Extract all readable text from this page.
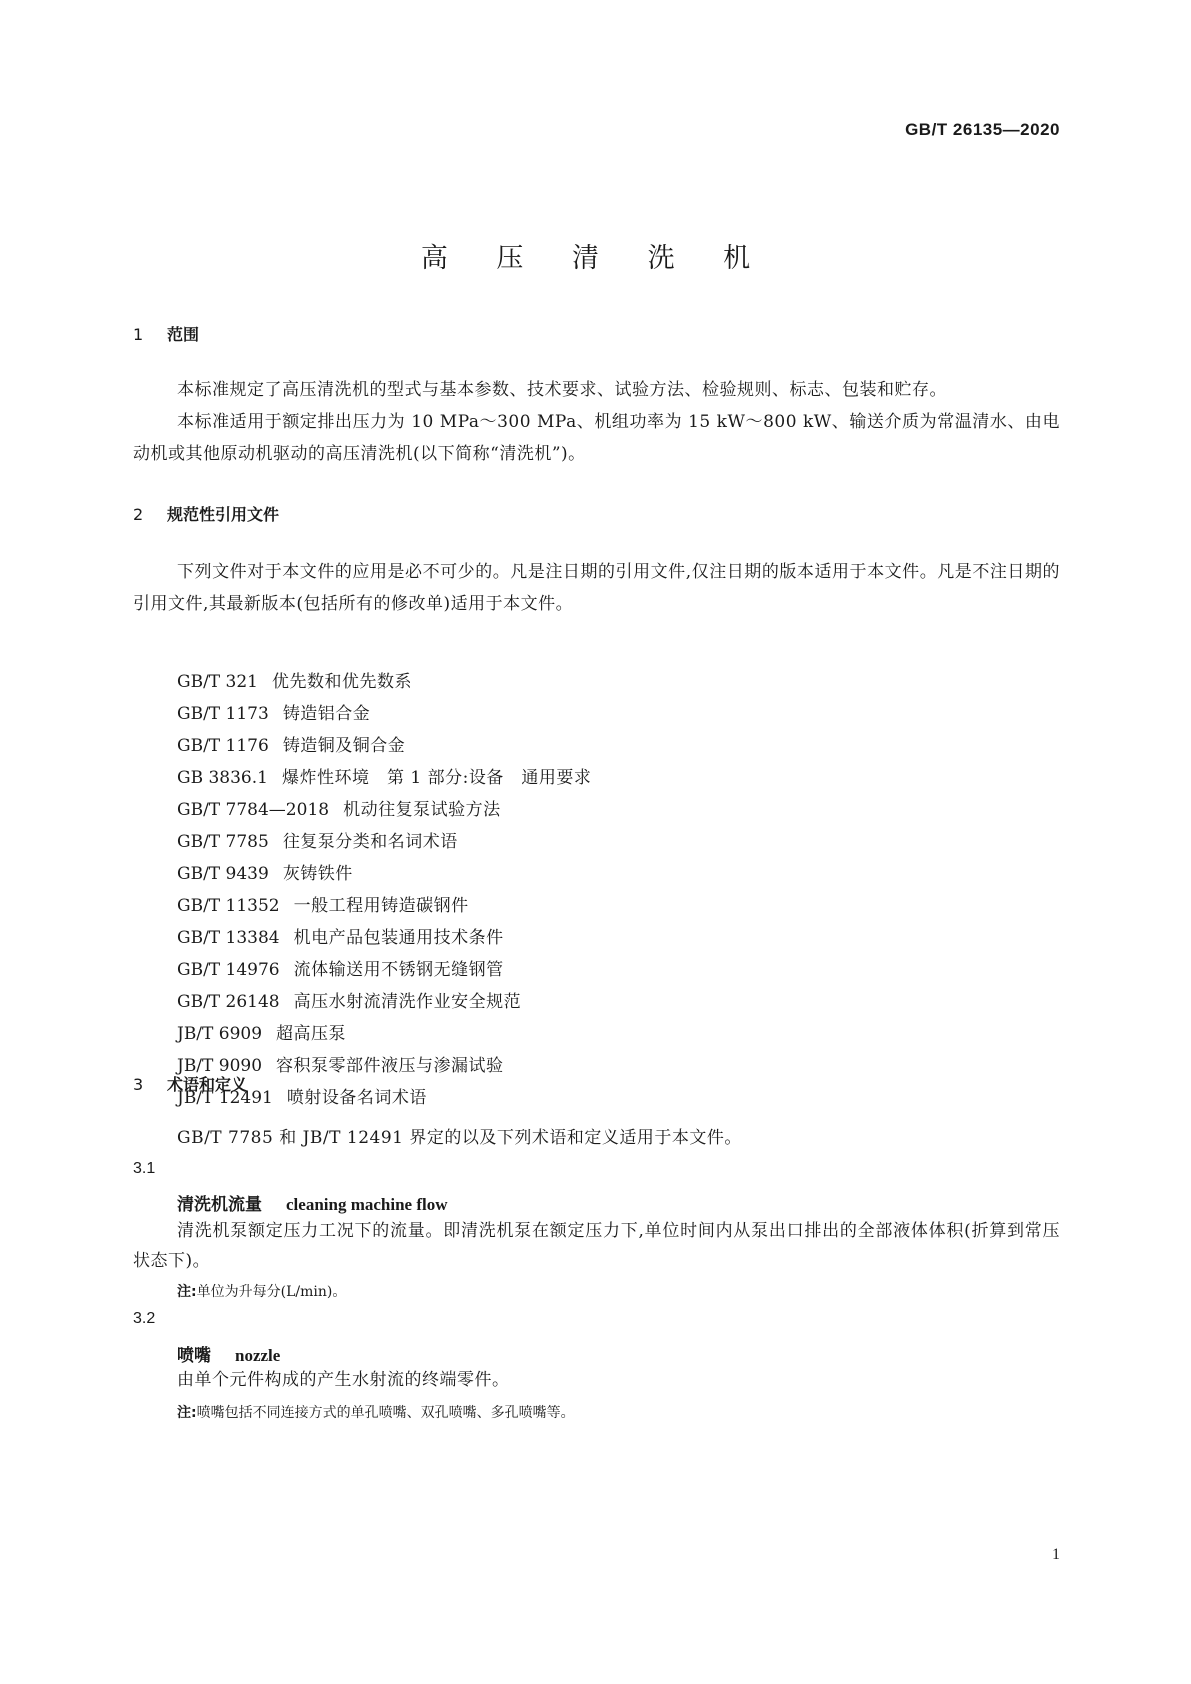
GB/T 26135—2020
高 压 清 洗 机
1 范围
本标准规定了高压清洗机的型式与基本参数、技术要求、试验方法、检验规则、标志、包装和贮存。
本标准适用于额定排出压力为 10 MPa～300 MPa、机组功率为 15 kW～800 kW、输送介质为常温清水、由电动机或其他原动机驱动的高压清洗机(以下简称“清洗机”)。
2 规范性引用文件
下列文件对于本文件的应用是必不可少的。凡是注日期的引用文件,仅注日期的版本适用于本文件。凡是不注日期的引用文件,其最新版本(包括所有的修改单)适用于本文件。
GB/T 321 优先数和优先数系
GB/T 1173 铸造铝合金
GB/T 1176 铸造铜及铜合金
GB 3836.1 爆炸性环境　第 1 部分:设备　通用要求
GB/T 7784—2018 机动往复泵试验方法
GB/T 7785 往复泵分类和名词术语
GB/T 9439 灰铸铁件
GB/T 11352 一般工程用铸造碳钢件
GB/T 13384 机电产品包装通用技术条件
GB/T 14976 流体输送用不锈钢无缝钢管
GB/T 26148 高压水射流清洗作业安全规范
JB/T 6909 超高压泵
JB/T 9090 容积泵零部件液压与渗漏试验
JB/T 12491 喷射设备名词术语
3 术语和定义
GB/T 7785 和 JB/T 12491 界定的以及下列术语和定义适用于本文件。
3.1
清洗机流量 cleaning machine flow
清洗机泵额定压力工况下的流量。即清洗机泵在额定压力下,单位时间内从泵出口排出的全部液体体积(折算到常压状态下)。
注:单位为升每分(L/min)。
3.2
喷嘴 nozzle
由单个元件构成的产生水射流的终端零件。
注:喷嘴包括不同连接方式的单孔喷嘴、双孔喷嘴、多孔喷嘴等。
1
